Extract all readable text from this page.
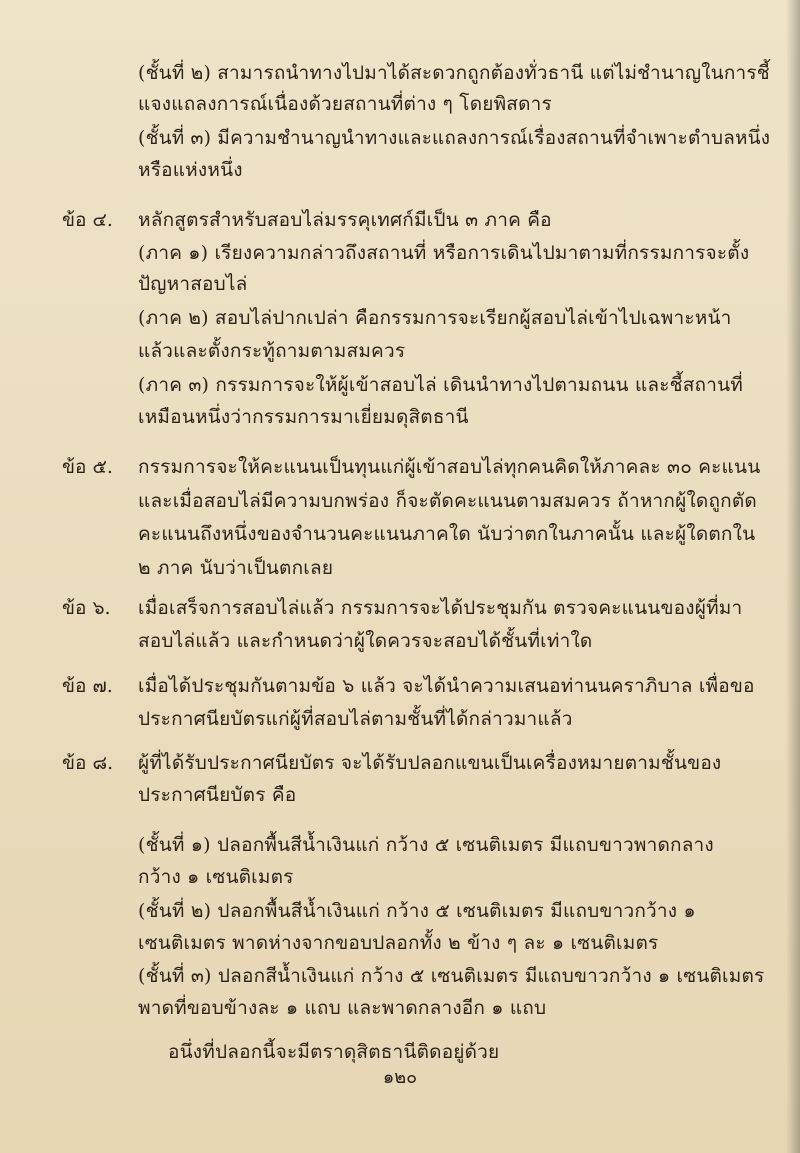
(ชั้นที่ ๒) สามารถนำทางไปมาได้สะดวกถูกต้องทั่วธานี แต่ไม่ชำนาญในการชี้
แจงแถลงการณ์เนื่องด้วยสถานที่ต่าง ๆ โดยพิสดาร
(ชั้นที่ ๓) มีความชำนาญนำทางและแถลงการณ์เรื่องสถานที่จำเพาะตำบลหนึ่ง
หรือแห่งหนึ่ง
ข้อ ๔. หลักสูตรสำหรับสอบไล่มรรคุเทศก์มีเป็น ๓ ภาค คือ
(ภาค ๑) เรียงความกล่าวถึงสถานที่ หรือการเดินไปมาตามที่กรรมการจะตั้ง
ปัญหาสอบไล่
(ภาค ๒) สอบไล่ปากเปล่า คือกรรมการจะเรียกผู้สอบไล่เข้าไปเฉพาะหน้า
แล้วและตั้งกระทู้ถามตามสมควร
(ภาค ๓) กรรมการจะให้ผู้เข้าสอบไล่ เดินนำทางไปตามถนน และชี้สถานที่
เหมือนหนึ่งว่ากรรมการมาเยี่ยมดุสิตธานี
ข้อ ๕. กรรมการจะให้คะแนนเป็นทุนแก่ผู้เข้าสอบไล่ทุกคนคิดให้ภาคละ ๓๐ คะแนน
และเมื่อสอบไล่มีความบกพร่อง ก็จะตัดคะแนนตามสมควร ถ้าหากผู้ใดถูกตัด
คะแนนถึงหนึ่งของจำนวนคะแนนภาคใด นับว่าตกในภาคนั้น และผู้ใดตกใน
๒ ภาค นับว่าเป็นตกเลย
ข้อ ๖. เมื่อเสร็จการสอบไล่แล้ว กรรมการจะได้ประชุมกัน ตรวจคะแนนของผู้ที่มา
สอบไล่แล้ว และกำหนดว่าผู้ใดควรจะสอบได้ชั้นที่เท่าใด
ข้อ ๗. เมื่อได้ประชุมกันตามข้อ ๖ แล้ว จะได้นำความเสนอท่านนคราภิบาล เพื่อขอ
ประกาศนียบัตรแก่ผู้ที่สอบไล่ตามชั้นที่ได้กล่าวมาแล้ว
ข้อ ๘. ผู้ที่ได้รับประกาศนียบัตร จะได้รับปลอกแขนเป็นเครื่องหมายตามชั้นของ
ประกาศนียบัตร คือ
(ชั้นที่ ๑) ปลอกพื้นสีน้ำเงินแก่ กว้าง ๕ เซนติเมตร มีแถบขาวพาดกลาง
กว้าง ๑ เซนติเมตร
(ชั้นที่ ๒) ปลอกพื้นสีน้ำเงินแก่ กว้าง ๕ เซนติเมตร มีแถบขาวกว้าง ๑
เซนติเมตร พาดห่างจากขอบปลอกทั้ง ๒ ข้าง ๆ ละ ๑ เซนติเมตร
(ชั้นที่ ๓) ปลอกสีน้ำเงินแก่ กว้าง ๕ เซนติเมตร มีแถบขาวกว้าง ๑ เซนติเมตร
พาดที่ขอบข้างละ ๑ แถบ และพาดกลางอีก ๑ แถบ
อนึ่งที่ปลอกนี้จะมีตราดุสิตธานีติดอยู่ด้วย
๑๒๐
